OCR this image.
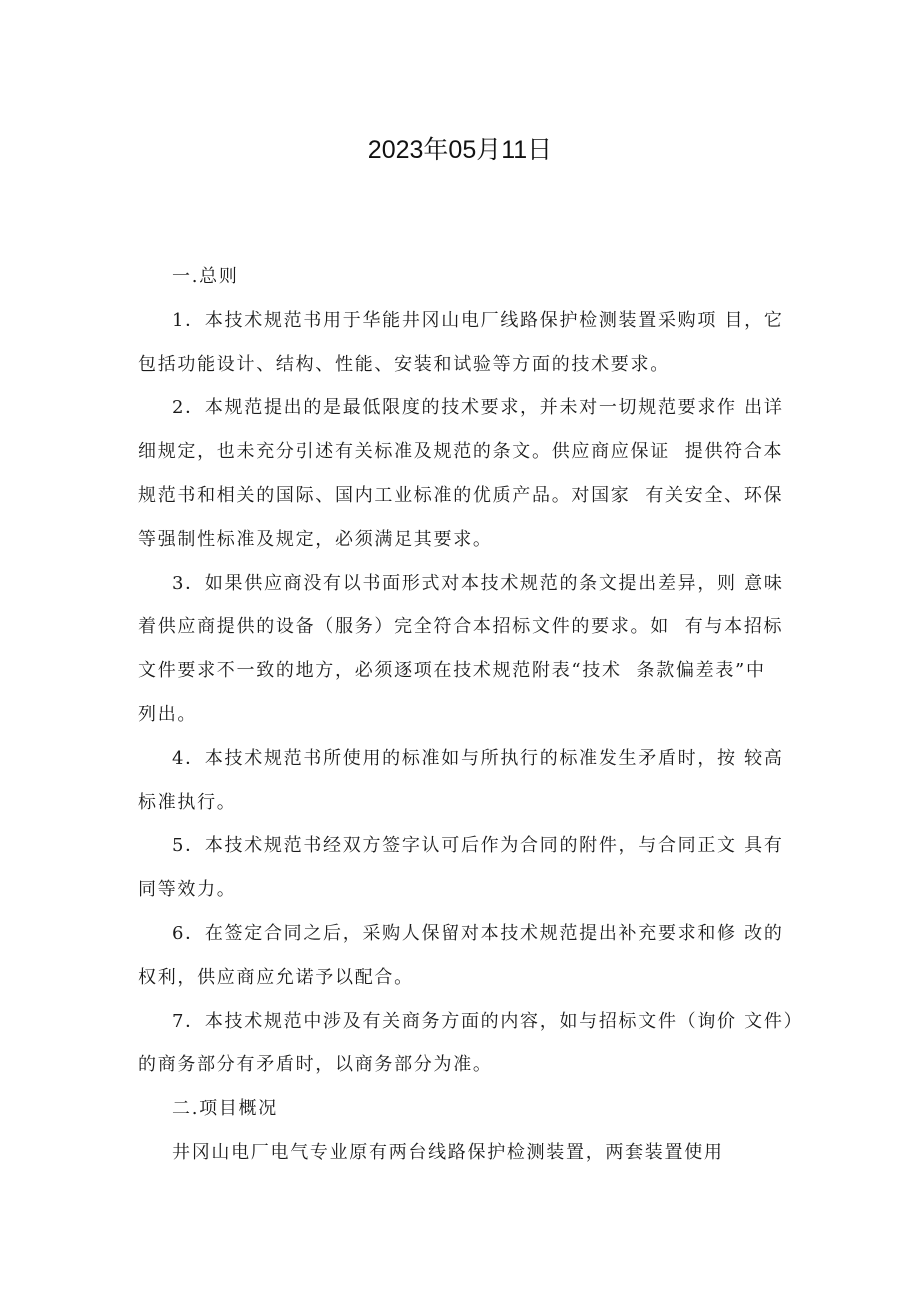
2023年05月11日
一.总则
1．本技术规范书用于华能井冈山电厂线路保护检测装置采购项 目，它
包括功能设计、结构、性能、安装和试验等方面的技术要求。
2．本规范提出的是最低限度的技术要求，并未对一切规范要求作 出详
细规定，也未充分引述有关标准及规范的条文。供应商应保证  提供符合本
规范书和相关的国际、国内工业标准的优质产品。对国家  有关安全、环保
等强制性标准及规定，必须满足其要求。
3．如果供应商没有以书面形式对本技术规范的条文提出差异，则 意味
着供应商提供的设备（服务）完全符合本招标文件的要求。如  有与本招标
文件要求不一致的地方，必须逐项在技术规范附表“技术  条款偏差表”中
列出。
4．本技术规范书所使用的标准如与所执行的标准发生矛盾时，按 较高
标准执行。
5．本技术规范书经双方签字认可后作为合同的附件，与合同正文 具有
同等效力。
6．在签定合同之后，采购人保留对本技术规范提出补充要求和修 改的
权利，供应商应允诺予以配合。
7．本技术规范中涉及有关商务方面的内容，如与招标文件（询价 文件）
的商务部分有矛盾时，以商务部分为准。
二.项目概况
井冈山电厂电气专业原有两台线路保护检测装置，两套装置使用
